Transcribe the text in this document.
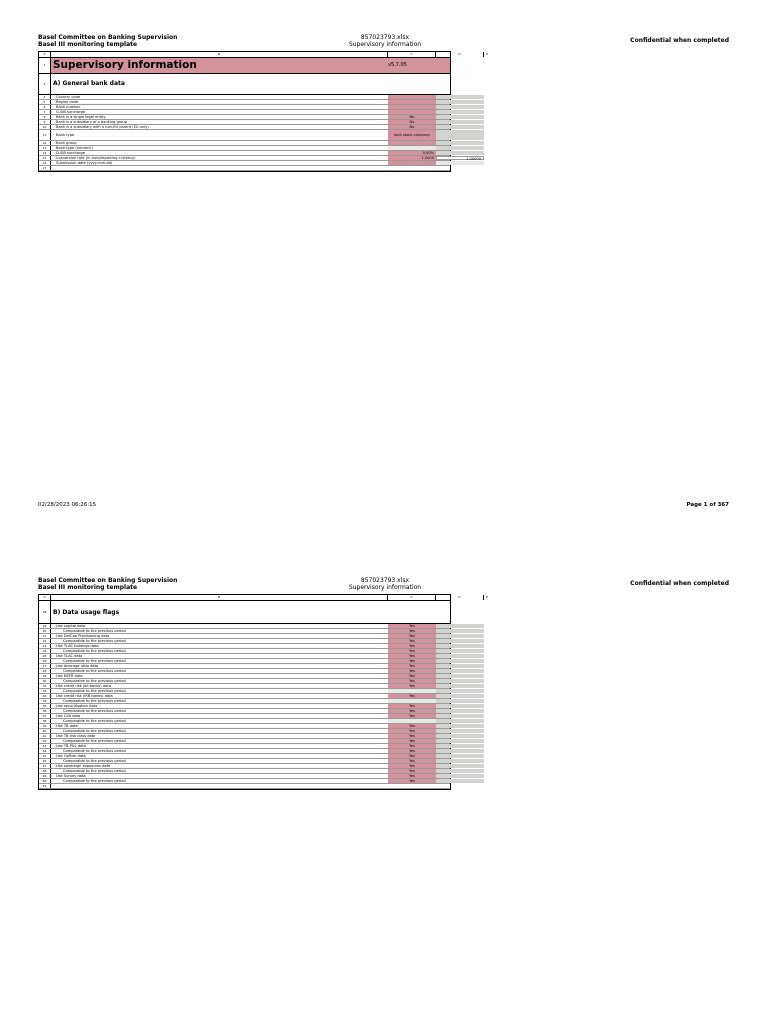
Basel Committee on Banking Supervision
Basel III monitoring template
857023793.xlsx
Supervisory information
Confidential when completed
A	B	C	D	E
1 Supervisory information	v5.7.05
2	A) General bank data
4	Country code
5	Region code
6	Bank number
7	G-SIB surcharge
8	Bank is a single legal entity	No
9	Bank is a subsidiary of a banking group	No
10	Bank is a subsidiary with a non-EU parent (EU only)	No
11	Bank type	Joint stock company
12	Bank group
13	Bank type (numeric)
14	D-SIB surcharge	0.00%
15	Conversion rate (in euro/reporting currency)	1.0000	1.00000
16	Submission date (yyyy-mm-dd)
17
02/28/2023 06:26:15	Page 1 of 367
Basel Committee on Banking Supervision
Basel III monitoring template
857023793.xlsx
Supervisory information
Confidential when completed
A	B	C	D	E
18	B) Data usage flags
19	Use capital data	Yes
20	Comparable to the previous period	Yes
21	Use DefCap Provisioning data	Yes
22	Comparable to the previous period	Yes
23	Use TLAC holdings data	Yes
24	Comparable to the previous period	Yes
25	Use TLAC data	Yes
26	Comparable to the previous period	Yes
27	Use leverage ratio data	Yes
28	Comparable to the previous period	Yes
29	Use NSFR data	Yes
30	Comparable to the previous period	Yes
31	Use credit risk (all banks) data	Yes
32	Comparable to the previous period
33	Use credit risk (IRB banks) data	Yes
34	Comparable to the previous period
35	Use securitisation data	Yes
36	Comparable to the previous period	Yes
37	Use CVA data	Yes
38	Comparable to the previous period
39	Use TB data	Yes
40	Comparable to the previous period	Yes
41	Use TB risk class data	Yes
42	Comparable to the previous period	Yes
43	Use TB P&L data	Yes
44	Comparable to the previous period	Yes
45	Use OpRisk data	Yes
46	Comparable to the previous period	Yes
47	Use sovereign exposures data	Yes
48	Comparable to the previous period	Yes
49	Use Survey data	Yes
50	Comparable to the previous period	Yes
51
